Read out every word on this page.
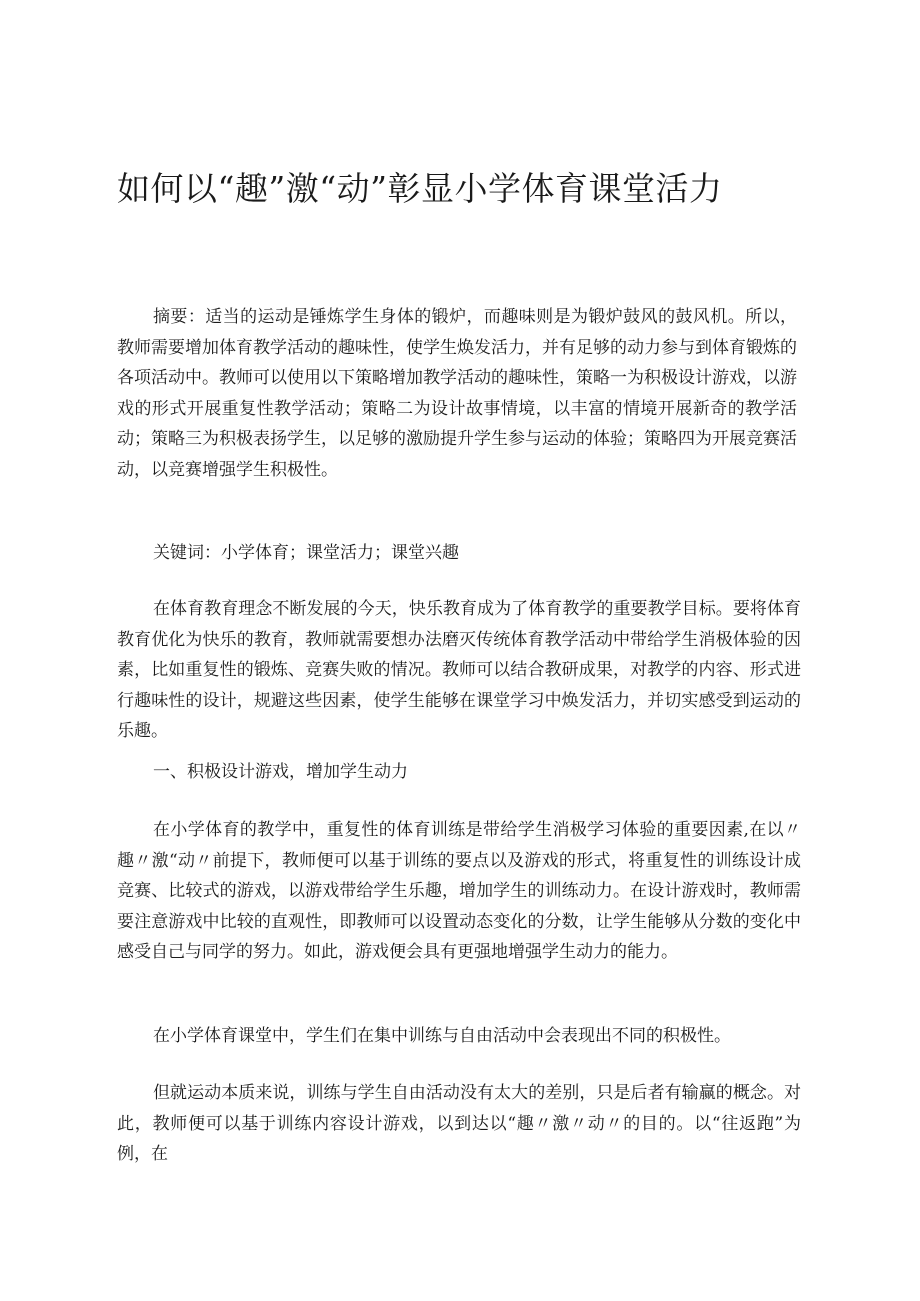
如何以“趣”激“动”彰显小学体育课堂活力

摘要：适当的运动是锤炼学生身体的锻炉，而趣味则是为锻炉鼓风的鼓风机。所以，教师需要增加体育教学活动的趣味性，使学生焕发活力，并有足够的动力参与到体育锻炼的各项活动中。教师可以使用以下策略增加教学活动的趣味性，策略一为积极设计游戏，以游戏的形式开展重复性教学活动；策略二为设计故事情境，以丰富的情境开展新奇的教学活动；策略三为积极表扬学生，以足够的激励提升学生参与运动的体验；策略四为开展竞赛活动，以竞赛增强学生积极性。

关键词：小学体育；课堂活力；课堂兴趣

在体育教育理念不断发展的今天，快乐教育成为了体育教学的重要教学目标。要将体育教育优化为快乐的教育，教师就需要想办法磨灭传统体育教学活动中带给学生消极体验的因素，比如重复性的锻炼、竞赛失败的情况。教师可以结合教研成果，对教学的内容、形式进行趣味性的设计，规避这些因素，使学生能够在课堂学习中焕发活力，并切实感受到运动的乐趣。

一、积极设计游戏，增加学生动力

在小学体育的教学中，重复性的体育训练是带给学生消极学习体验的重要因素,在以〃趣〃激“动〃前提下，教师便可以基于训练的要点以及游戏的形式，将重复性的训练设计成竞赛、比较式的游戏，以游戏带给学生乐趣，增加学生的训练动力。在设计游戏时，教师需要注意游戏中比较的直观性，即教师可以设置动态变化的分数，让学生能够从分数的变化中感受自己与同学的努力。如此，游戏便会具有更强地增强学生动力的能力。

在小学体育课堂中，学生们在集中训练与自由活动中会表现出不同的积极性。

但就运动本质来说，训练与学生自由活动没有太大的差别，只是后者有输赢的概念。对此，教师便可以基于训练内容设计游戏，以到达以“趣〃激〃动〃的目的。以“往返跑”为例，在
